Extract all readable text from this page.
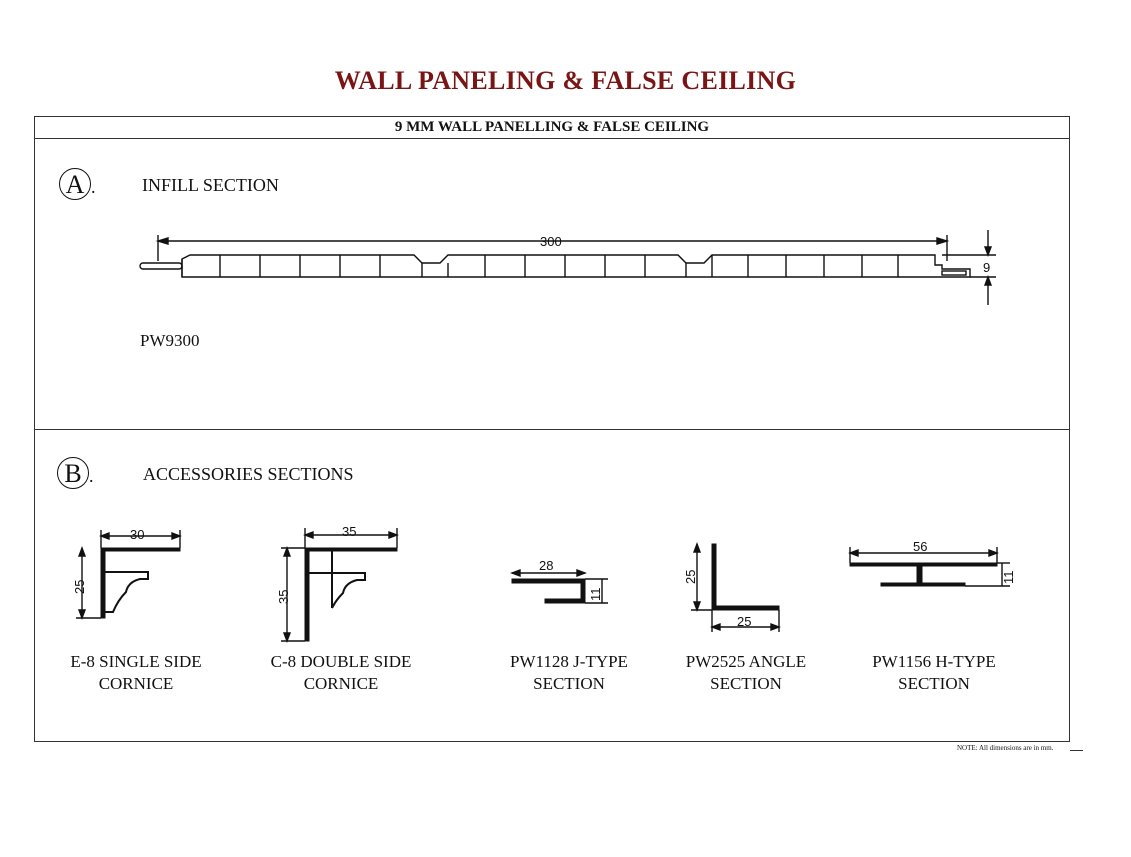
WALL PANELING & FALSE CEILING
9 MM WALL PANELLING & FALSE CEILING
A .	INFILL SECTION
PW9300
300
9
B .	ACCESSORIES SECTIONS
30
25
35
35
28
11
25
25
56
11
E-8 SINGLE SIDE
CORNICE
C-8 DOUBLE SIDE
CORNICE
PW1128 J-TYPE
SECTION
PW2525 ANGLE
SECTION
PW1156 H-TYPE
SECTION
NOTE: All dimensions are in mm.
